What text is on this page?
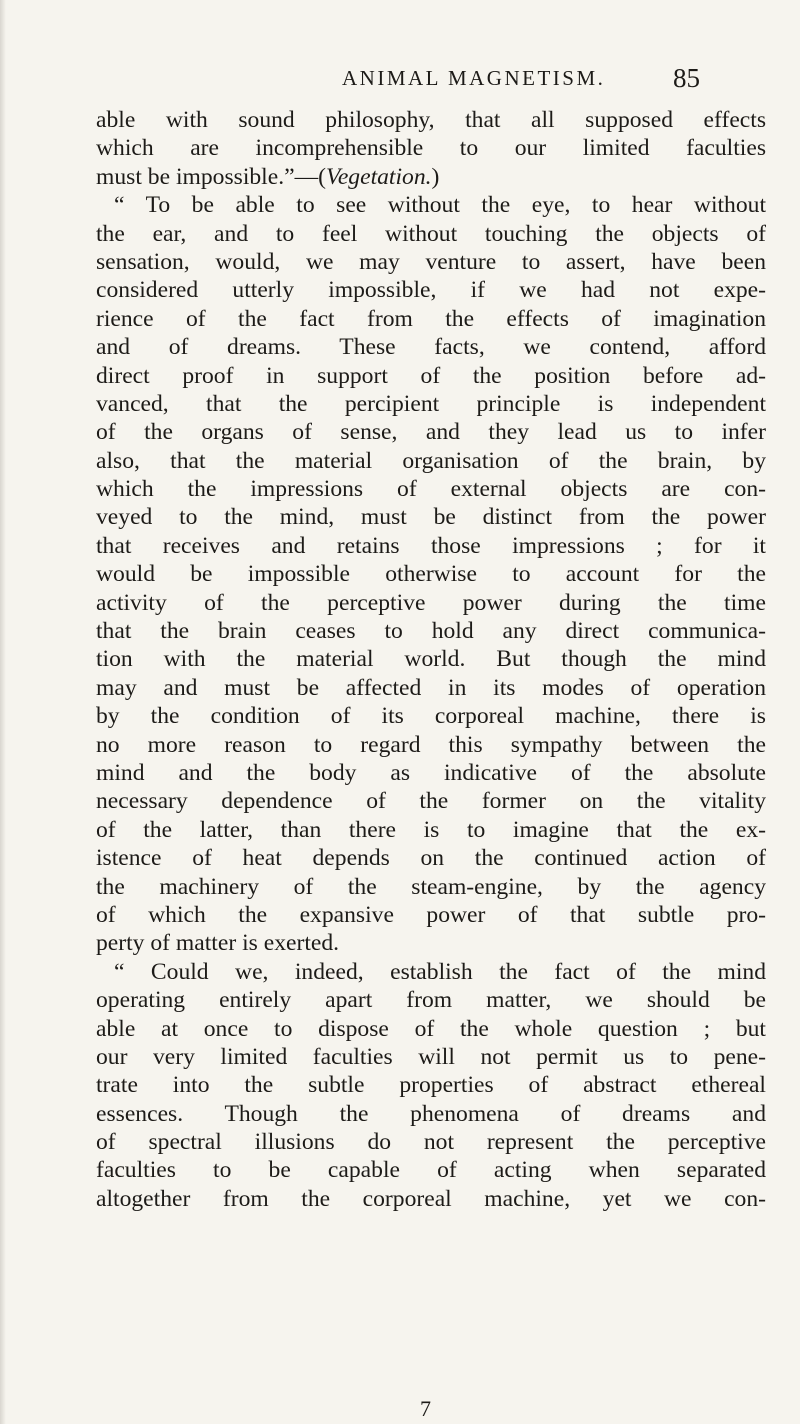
ANIMAL MAGNETISM.	85
able with sound philosophy, that all supposed effects
which are incomprehensible to our limited faculties
must be impossible.”—(Vegetation.)
“ To be able to see without the eye, to hear without
the ear, and to feel without touching the objects of
sensation, would, we may venture to assert, have been
considered utterly impossible, if we had not expe-
rience of the fact from the effects of imagination
and of dreams. These facts, we contend, afford
direct proof in support of the position before ad-
vanced, that the percipient principle is independent
of the organs of sense, and they lead us to infer
also, that the material organisation of the brain, by
which the impressions of external objects are con-
veyed to the mind, must be distinct from the power
that receives and retains those impressions ; for it
would be impossible otherwise to account for the
activity of the perceptive power during the time
that the brain ceases to hold any direct communica-
tion with the material world. But though the mind
may and must be affected in its modes of operation
by the condition of its corporeal machine, there is
no more reason to regard this sympathy between the
mind and the body as indicative of the absolute
necessary dependence of the former on the vitality
of the latter, than there is to imagine that the ex-
istence of heat depends on the continued action of
the machinery of the steam-engine, by the agency
of which the expansive power of that subtle pro-
perty of matter is exerted.
“ Could we, indeed, establish the fact of the mind
operating entirely apart from matter, we should be
able at once to dispose of the whole question ; but
our very limited faculties will not permit us to pene-
trate into the subtle properties of abstract ethereal
essences. Though the phenomena of dreams and
of spectral illusions do not represent the perceptive
faculties to be capable of acting when separated
altogether from the corporeal machine, yet we con-
7
